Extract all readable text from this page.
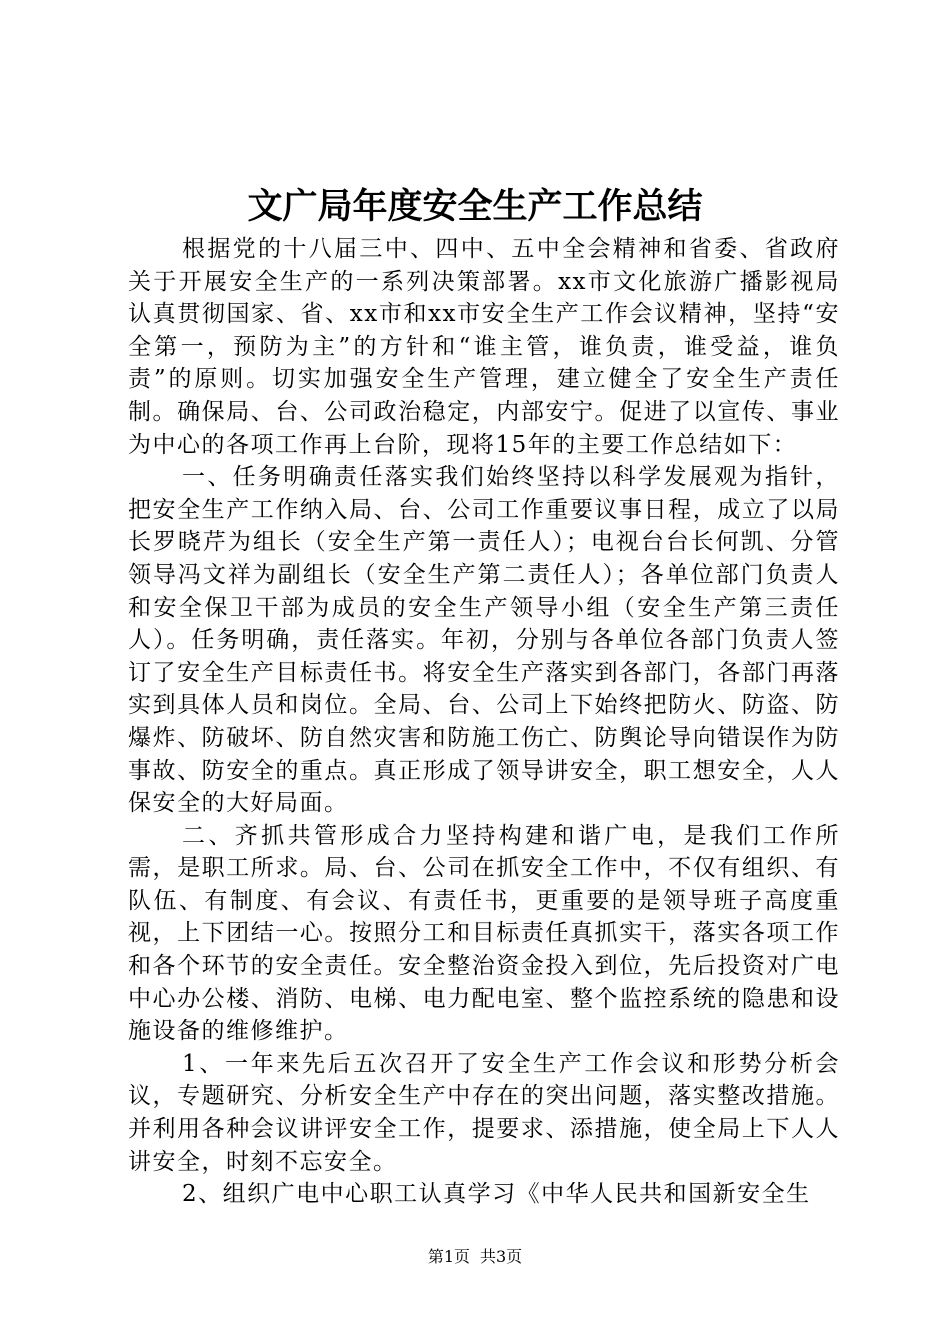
文广局年度安全生产工作总结

根据党的十八届三中、四中、五中全会精神和省委、省政府关于开展安全生产的一系列决策部署。xx市文化旅游广播影视局认真贯彻国家、省、xx市和xx市安全生产工作会议精神，坚持“安全第一，预防为主”的方针和“谁主管，谁负责，谁受益，谁负责”的原则。切实加强安全生产管理，建立健全了安全生产责任制。确保局、台、公司政治稳定，内部安宁。促进了以宣传、事业为中心的各项工作再上台阶，现将15年的主要工作总结如下：

一、任务明确责任落实我们始终坚持以科学发展观为指针，把安全生产工作纳入局、台、公司工作重要议事日程，成立了以局长罗晓芹为组长（安全生产第一责任人）；电视台台长何凯、分管领导冯文祥为副组长（安全生产第二责任人）；各单位部门负责人和安全保卫干部为成员的安全生产领导小组（安全生产第三责任人）。任务明确，责任落实。年初，分别与各单位各部门负责人签订了安全生产目标责任书。将安全生产落实到各部门，各部门再落实到具体人员和岗位。全局、台、公司上下始终把防火、防盗、防爆炸、防破坏、防自然灾害和防施工伤亡、防舆论导向错误作为防事故、防安全的重点。真正形成了领导讲安全，职工想安全，人人保安全的大好局面。

二、齐抓共管形成合力坚持构建和谐广电，是我们工作所需，是职工所求。局、台、公司在抓安全工作中，不仅有组织、有队伍、有制度、有会议、有责任书，更重要的是领导班子高度重视，上下团结一心。按照分工和目标责任真抓实干，落实各项工作和各个环节的安全责任。安全整治资金投入到位，先后投资对广电中心办公楼、消防、电梯、电力配电室、整个监控系统的隐患和设施设备的维修维护。

1、一年来先后五次召开了安全生产工作会议和形势分析会议，专题研究、分析安全生产中存在的突出问题，落实整改措施。并利用各种会议讲评安全工作，提要求、添措施，使全局上下人人讲安全，时刻不忘安全。

2、组织广电中心职工认真学习《中华人民共和国新安全生

第1页 共3页
